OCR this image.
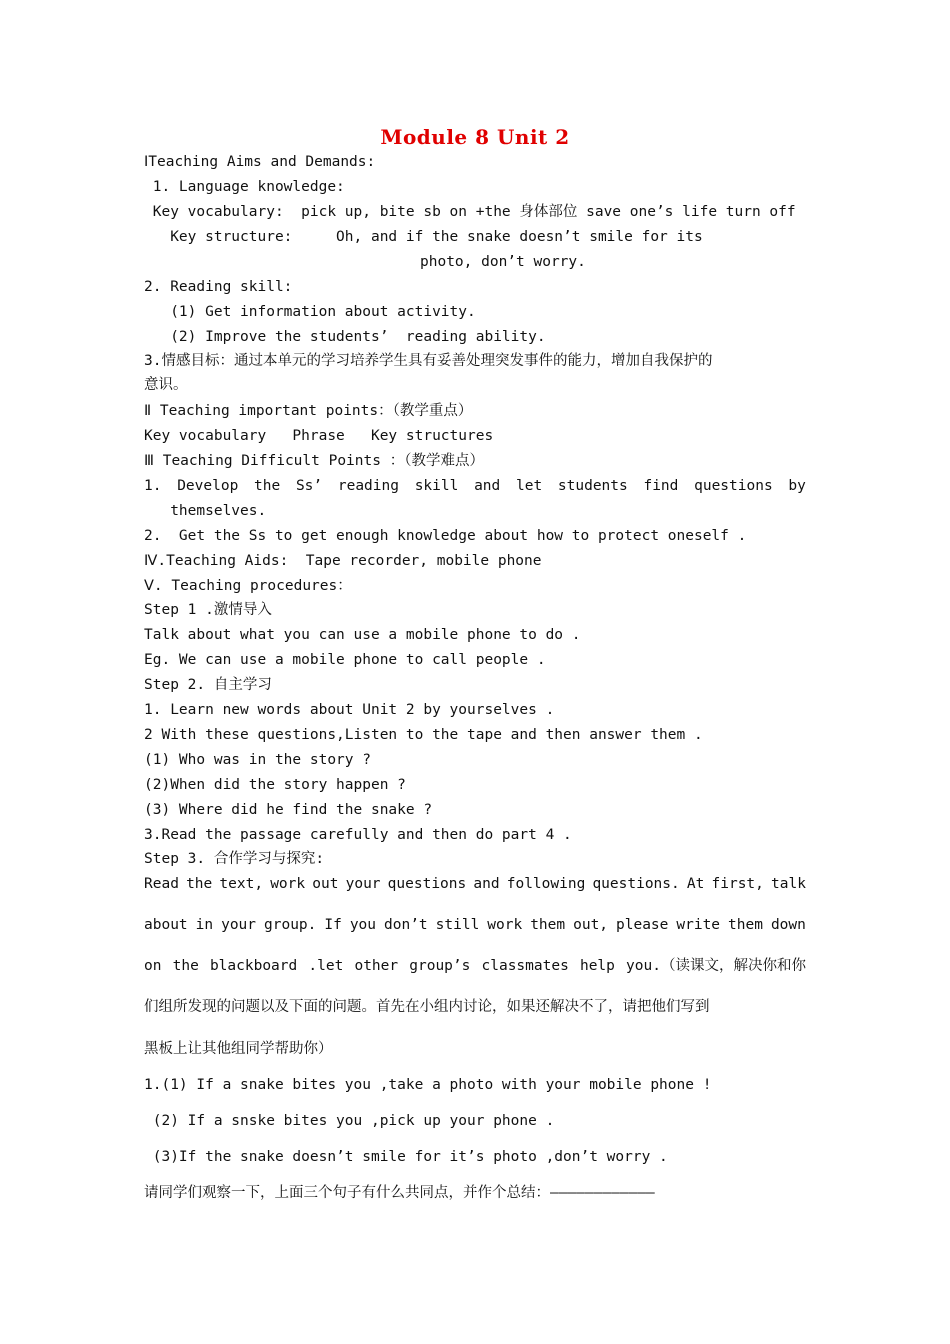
Module 8 Unit 2
ⅠTeaching Aims and Demands:
1. Language knowledge:
Key vocabulary:  pick up, bite sb on +the 身体部位 save one’s life turn off
Key structure:     Oh, and if the snake doesn’t smile for its
photo, don’t worry.
2. Reading skill:
(1) Get information about activity.
(2) Improve the students’  reading ability.
3.情感目标：通过本单元的学习培养学生具有妥善处理突发事件的能力，增加自我保护的
意识。
Ⅱ Teaching important points：（教学重点）
Key vocabulary   Phrase   Key structures
Ⅲ Teaching Difficult Points ：（教学难点）
1. Develop the Ss’ reading skill and let students find questions by
themselves.
2.  Get the Ss to get enough knowledge about how to protect oneself .
Ⅳ.Teaching Aids:  Tape recorder, mobile phone
Ⅴ. Teaching procedures：
Step 1 .激情导入
Talk about what you can use a mobile phone to do .
Eg. We can use a mobile phone to call people .
Step 2. 自主学习
1. Learn new words about Unit 2 by yourselves .
2 With these questions,Listen to the tape and then answer them .
(1) Who was in the story ?
(2)When did the story happen ?
(3) Where did he find the snake ?
3.Read the passage carefully and then do part 4 .
Step 3. 合作学习与探究:
Read the text, work out your questions and following questions. At first, talk
about in your group. If you don’t still work them out, please write them down
on the blackboard .let other group’s classmates help you.（读课文，解决你和你
们组所发现的问题以及下面的问题。首先在小组内讨论，如果还解决不了，请把他们写到
黑板上让其他组同学帮助你）
1.(1) If a snake bites you ,take a photo with your mobile phone !
(2) If a snske bites you ,pick up your phone .
(3)If the snake doesn’t smile for it’s photo ,don’t worry .
请同学们观察一下，上面三个句子有什么共同点，并作个总结：————————————
